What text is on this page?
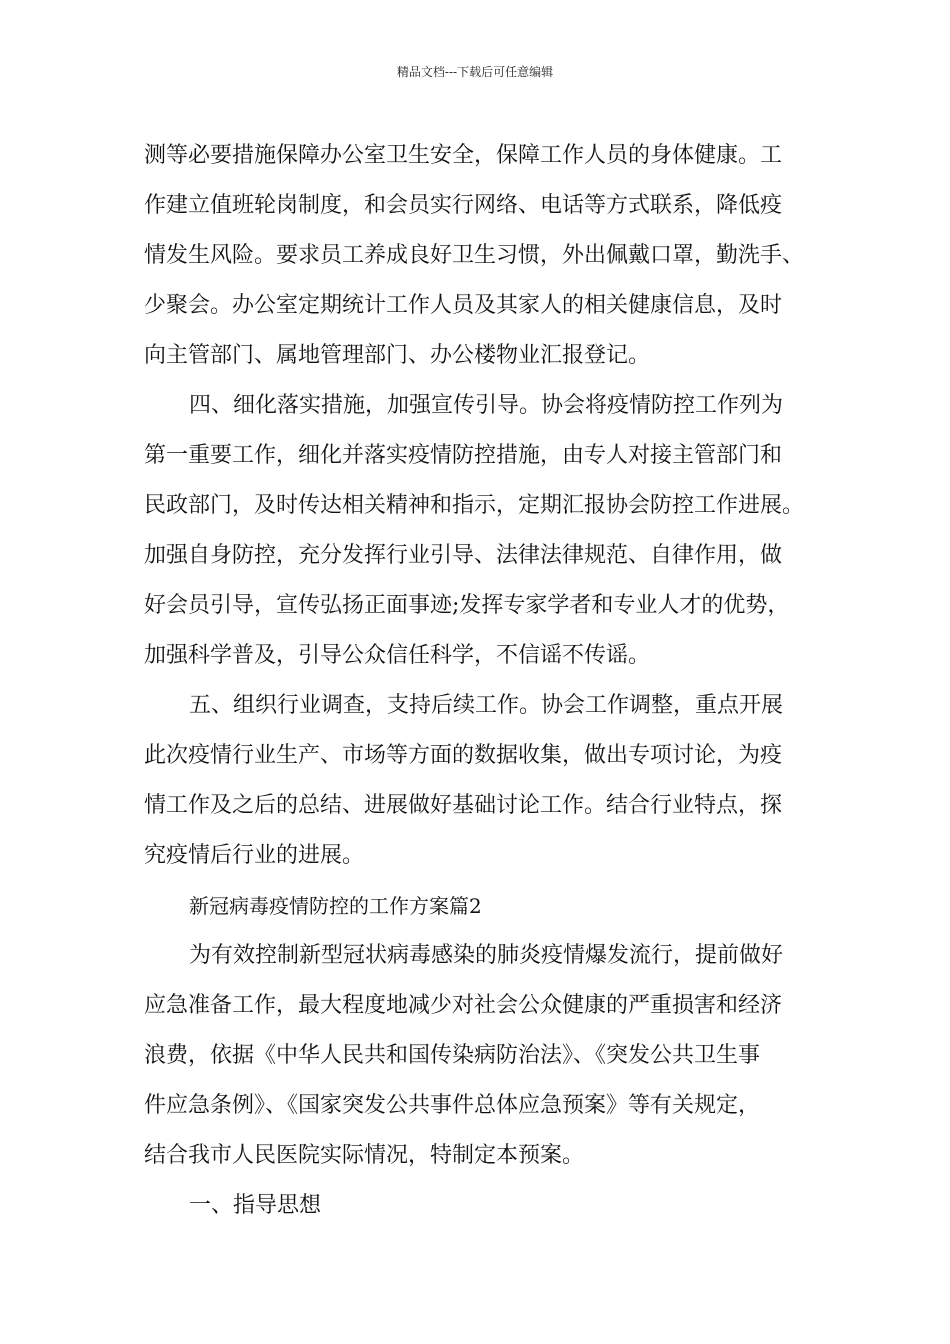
精品文档---下载后可任意编辑
测等必要措施保障办公室卫生安全，保障工作人员的身体健康。工
作建立值班轮岗制度，和会员实行网络、电话等方式联系，降低疫
情发生风险。要求员工养成良好卫生习惯，外出佩戴口罩，勤洗手、
少聚会。办公室定期统计工作人员及其家人的相关健康信息，及时
向主管部门、属地管理部门、办公楼物业汇报登记。
四、细化落实措施，加强宣传引导。协会将疫情防控工作列为
第一重要工作，细化并落实疫情防控措施，由专人对接主管部门和
民政部门，及时传达相关精神和指示，定期汇报协会防控工作进展。
加强自身防控，充分发挥行业引导、法律法律规范、自律作用，做
好会员引导，宣传弘扬正面事迹;发挥专家学者和专业人才的优势，
加强科学普及，引导公众信任科学，不信谣不传谣。
五、组织行业调查，支持后续工作。协会工作调整，重点开展
此次疫情行业生产、市场等方面的数据收集，做出专项讨论，为疫
情工作及之后的总结、进展做好基础讨论工作。结合行业特点，探
究疫情后行业的进展。
新冠病毒疫情防控的工作方案篇2
为有效控制新型冠状病毒感染的肺炎疫情爆发流行，提前做好
应急准备工作，最大程度地减少对社会公众健康的严重损害和经济
浪费，依据《中华人民共和国传染病防治法》、《突发公共卫生事
件应急条例》、《国家突发公共事件总体应急预案》等有关规定，
结合我市人民医院实际情况，特制定本预案。
一、指导思想
